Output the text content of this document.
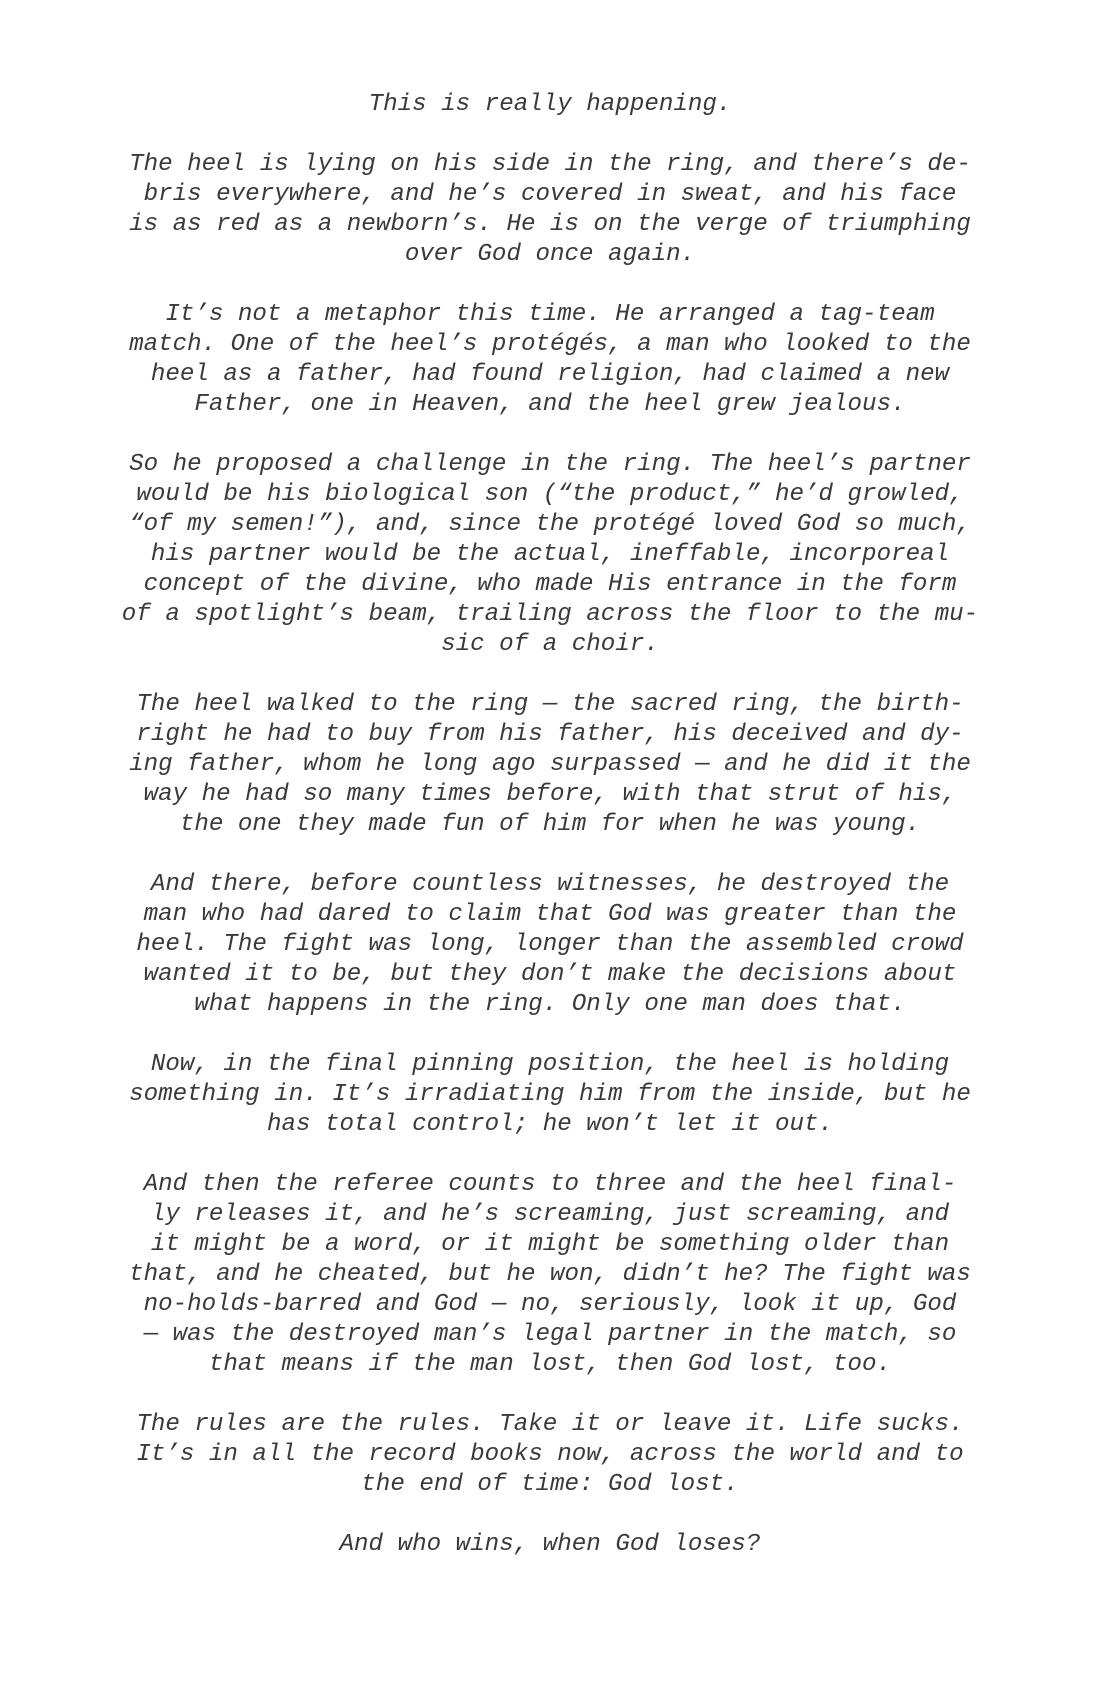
This is really happening.
The heel is lying on his side in the ring, and there’s de-
bris everywhere, and he’s covered in sweat, and his face
is as red as a newborn’s. He is on the verge of triumphing
over God once again.
It’s not a metaphor this time. He arranged a tag-team
match. One of the heel’s protégés, a man who looked to the
heel as a father, had found religion, had claimed a new
Father, one in Heaven, and the heel grew jealous.
So he proposed a challenge in the ring. The heel’s partner
would be his biological son (“the product,” he’d growled,
“of my semen!”), and, since the protégé loved God so much,
his partner would be the actual, ineffable, incorporeal
concept of the divine, who made His entrance in the form
of a spotlight’s beam, trailing across the floor to the mu-
sic of a choir.
The heel walked to the ring — the sacred ring, the birth-
right he had to buy from his father, his deceived and dy-
ing father, whom he long ago surpassed — and he did it the
way he had so many times before, with that strut of his,
the one they made fun of him for when he was young.
And there, before countless witnesses, he destroyed the
man who had dared to claim that God was greater than the
heel. The fight was long, longer than the assembled crowd
wanted it to be, but they don’t make the decisions about
what happens in the ring. Only one man does that.
Now, in the final pinning position, the heel is holding
something in. It’s irradiating him from the inside, but he
has total control; he won’t let it out.
And then the referee counts to three and the heel final-
ly releases it, and he’s screaming, just screaming, and
it might be a word, or it might be something older than
that, and he cheated, but he won, didn’t he? The fight was
no-holds-barred and God — no, seriously, look it up, God
— was the destroyed man’s legal partner in the match, so
that means if the man lost, then God lost, too.
The rules are the rules. Take it or leave it. Life sucks.
It’s in all the record books now, across the world and to
the end of time: God lost.
And who wins, when God loses?
